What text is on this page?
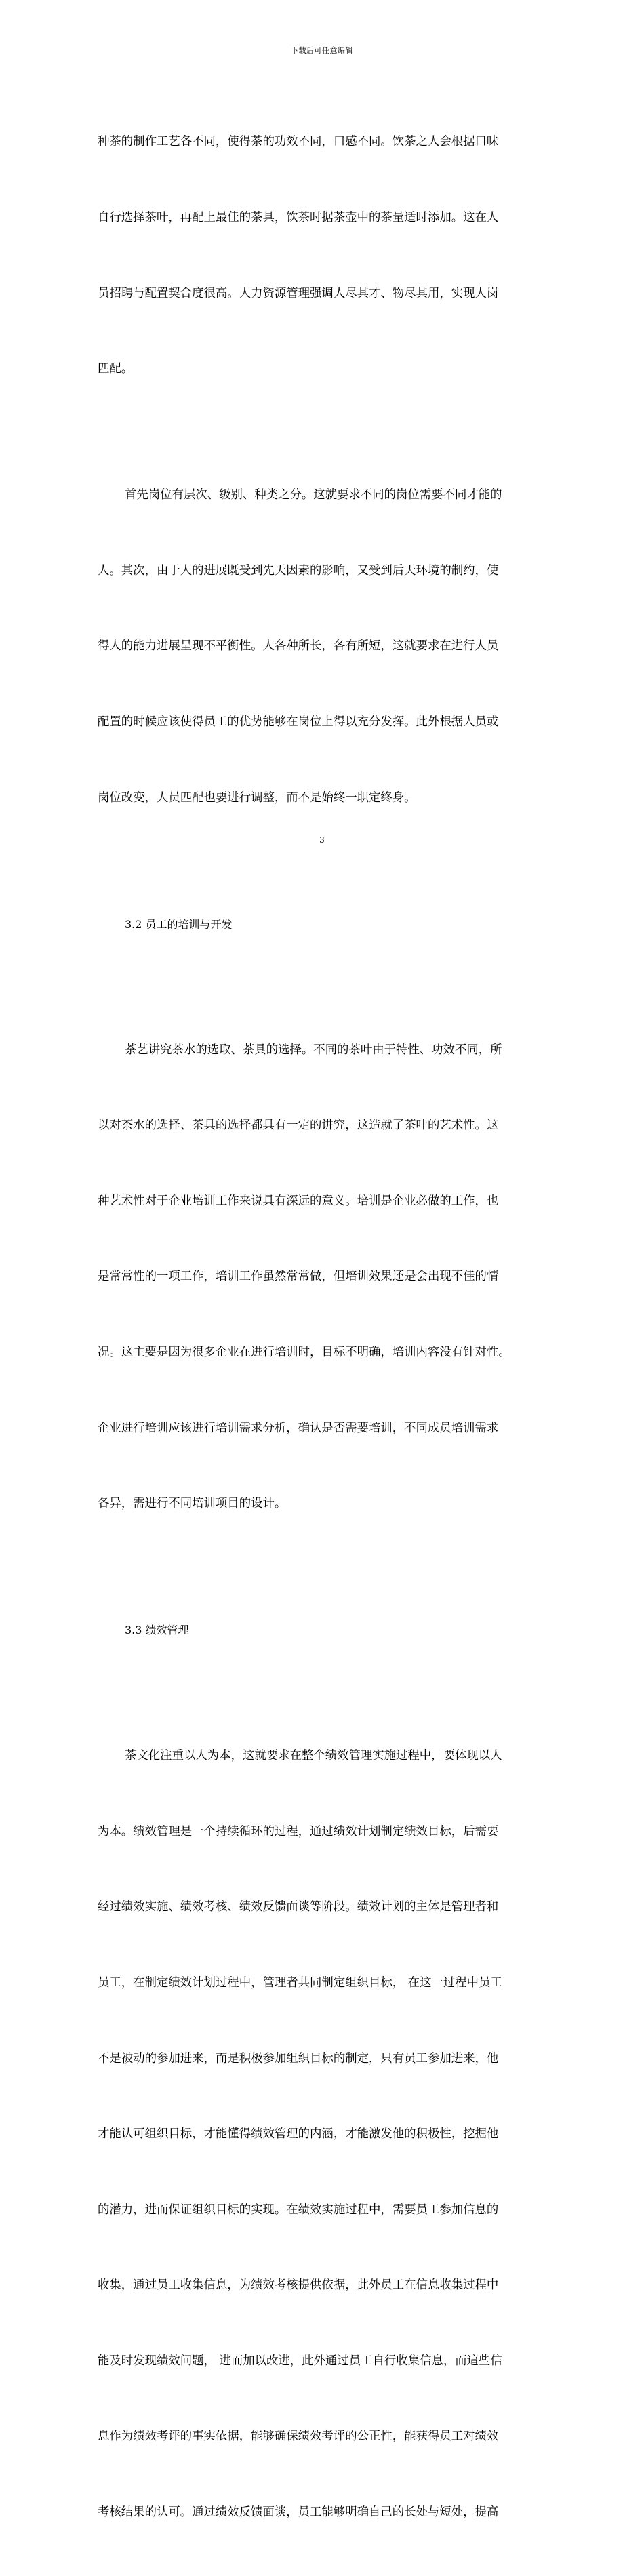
下载后可任意编辑

种茶的制作工艺各不同，使得茶的功效不同，口感不同。饮茶之人会根据口味

自行选择茶叶，再配上最佳的茶具，饮茶时据茶壶中的茶量适时添加。这在人

员招聘与配置契合度很高。人力资源管理强调人尽其才、物尽其用，实现人岗

匹配。

首先岗位有层次、级别、种类之分。这就要求不同的岗位需要不同才能的

人。其次，由于人的进展既受到先天因素的影响，又受到后天环境的制约，使

得人的能力进展呈现不平衡性。人各种所长，各有所短，这就要求在进行人员

配置的时候应该使得员工的优势能够在岗位上得以充分发挥。此外根据人员或

岗位改变，人员匹配也要进行调整，而不是始终一职定终身。

3.2 员工的培训与开发

茶艺讲究茶水的选取、茶具的选择。不同的茶叶由于特性、功效不同，所

以对茶水的选择、茶具的选择都具有一定的讲究，这造就了茶叶的艺术性。这

种艺术性对于企业培训工作来说具有深远的意义。培训是企业必做的工作，也

是常常性的一项工作，培训工作虽然常常做，但培训效果还是会出现不佳的情

况。这主要是因为很多企业在进行培训时，目标不明确，培训内容没有针对性。

企业进行培训应该进行培训需求分析，确认是否需要培训，不同成员培训需求

各异，需进行不同培训项目的设计。

3.3 绩效管理

茶文化注重以人为本，这就要求在整个绩效管理实施过程中，要体现以人

为本。绩效管理是一个持续循环的过程，通过绩效计划制定绩效目标，后需要

经过绩效实施、绩效考核、绩效反馈面谈等阶段。绩效计划的主体是管理者和

员工，在制定绩效计划过程中，管理者共同制定组织目标， 在这一过程中员工

不是被动的参加进来，而是积极参加组织目标的制定，只有员工参加进来，他

才能认可组织目标，才能懂得绩效管理的内涵，才能激发他的积极性，挖掘他

的潜力，进而保证组织目标的实现。在绩效实施过程中，需要员工参加信息的

收集，通过员工收集信息，为绩效考核提供依据，此外员工在信息收集过程中

能及时发现绩效问题， 进而加以改进，此外通过员工自行收集信息，而這些信

息作为绩效考评的事实依据，能够确保绩效考评的公正性，能获得员工对绩效

考核结果的认可。通过绩效反馈面谈，员工能够明确自己的长处与短处，提高

3
